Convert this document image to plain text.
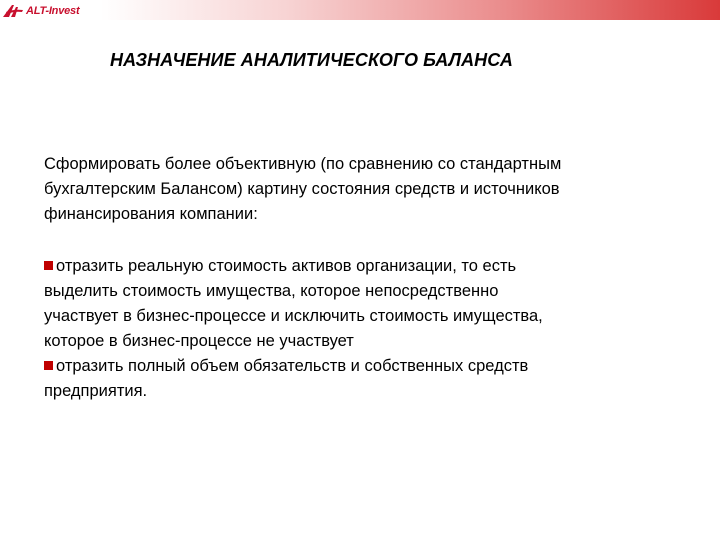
ALT-Invest
НАЗНАЧЕНИЕ АНАЛИТИЧЕСКОГО БАЛАНСА

Сформировать более объективную (по сравнению со стандартным
бухгалтерским Балансом) картину состояния средств и источников
финансирования компании:

отразить реальную стоимость активов организации, то есть
выделить стоимость имущества, которое непосредственно
участвует в бизнес-процессе и исключить стоимость имущества,
которое в бизнес-процессе не участвует

отразить полный объем обязательств и собственных средств
предприятия.
